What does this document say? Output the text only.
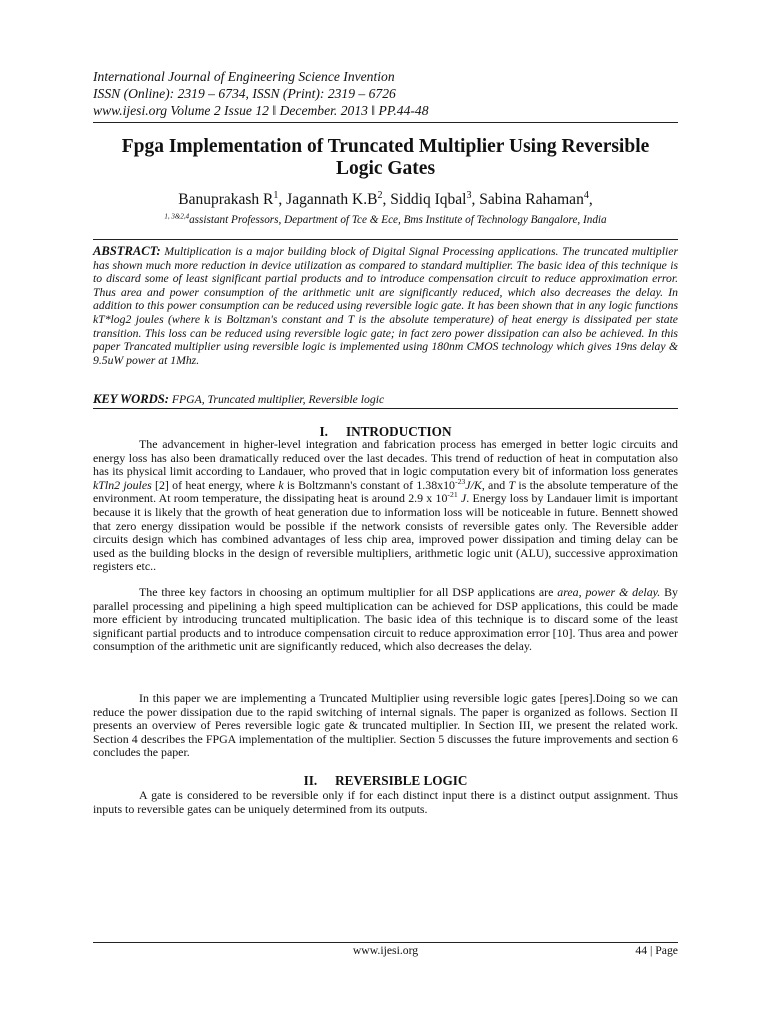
International Journal of Engineering Science Invention
ISSN (Online): 2319 – 6734, ISSN (Print): 2319 – 6726
www.ijesi.org Volume 2 Issue 12 ǁ December. 2013 ǁ PP.44-48
Fpga Implementation of Truncated Multiplier Using Reversible
Logic Gates
Banuprakash $R^1$, Jagannath $K.B^2$, Siddiq Iqbal$^3$, Sabina Rahaman$^4$,
$^{1, 3\&2,4}$assistant Professors, Department of Tce & Ece, Bms Institute of Technology Bangalore, India
ABSTRACT: Multiplication is a major building block of Digital Signal Processing applications. The truncated multiplier has shown much more reduction in device utilization as compared to standard multiplier. The basic idea of this technique is to discard some of least significant partial products and to introduce compensation circuit to reduce approximation error. Thus area and power consumption of the arithmetic unit are significantly reduced, which also decreases the delay. In addition to this power consumption can be reduced using reversible logic gate. It has been shown that in any logic functions kT*log2 joules (where k is Boltzman's constant and T is the absolute temperature) of heat energy is dissipated per state transition. This loss can be reduced using reversible logic gate; in fact zero power dissipation can also be achieved. In this paper Trancated multiplier using reversible logic is implemented using 180nm CMOS technology which gives 19ns delay & 9.5uW power at 1Mhz.
KEY WORDS: FPGA, Truncated multiplier, Reversible logic
I. INTRODUCTION
The advancement in higher-level integration and fabrication process has emerged in better logic circuits and energy loss has also been dramatically reduced over the last decades. This trend of reduction of heat in computation also has its physical limit according to Landauer, who proved that in logic computation every bit of information loss generates kTln2 joules [2] of heat energy, where k is Boltzmann's constant of $1.38x10^{-23}J/K$, and T is the absolute temperature of the environment. At room temperature, the dissipating heat is around 2.9 x $10^{-21}$ J. Energy loss by Landauer limit is important because it is likely that the growth of heat generation due to information loss will be noticeable in future. Bennett showed that zero energy dissipation would be possible if the network consists of reversible gates only. The Reversible adder circuits design which has combined advantages of less chip area, improved power dissipation and timing delay can be used as the building blocks in the design of reversible multipliers, arithmetic logic unit (ALU), successive approximation registers etc..
The three key factors in choosing an optimum multiplier for all DSP applications are area, power & delay. By parallel processing and pipelining a high speed multiplication can be achieved for DSP applications, this could be made more efficient by introducing truncated multiplication. The basic idea of this technique is to discard some of the least significant partial products and to introduce compensation circuit to reduce approximation error [10]. Thus area and power consumption of the arithmetic unit are significantly reduced, which also decreases the delay.
In this paper we are implementing a Truncated Multiplier using reversible logic gates [peres].Doing so we can reduce the power dissipation due to the rapid switching of internal signals. The paper is organized as follows. Section II presents an overview of Peres reversible logic gate & truncated multiplier. In Section III, we present the related work. Section 4 describes the FPGA implementation of the multiplier. Section 5 discusses the future improvements and section 6 concludes the paper.
II. REVERSIBLE LOGIC
A gate is considered to be reversible only if for each distinct input there is a distinct output assignment. Thus inputs to reversible gates can be uniquely determined from its outputs.
www.ijesi.org	44 | Page
